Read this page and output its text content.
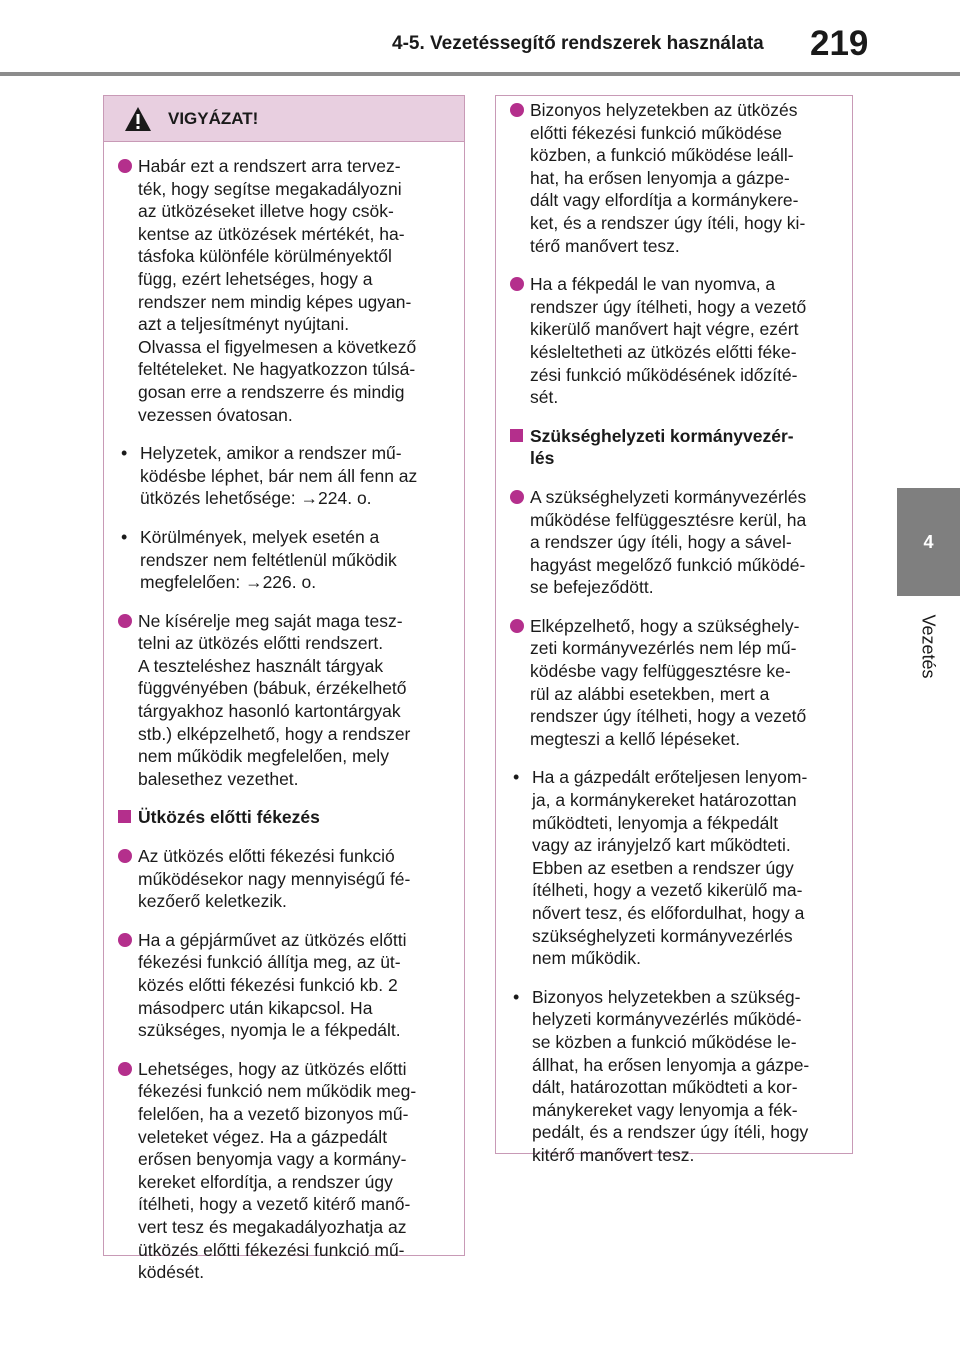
4-5. Vezetéssegítő rendszerek használata	219
4
Vezetés
VIGYÁZAT!
Habár ezt a rendszert arra tervez-
ték, hogy segítse megakadályozni
az ütközéseket illetve hogy csök-
kentse az ütközések mértékét, ha-
tásfoka különféle körülményektől
függ, ezért lehetséges, hogy a
rendszer nem mindig képes ugyan-
azt a teljesítményt nyújtani.
Olvassa el figyelmesen a következő
feltételeket. Ne hagyatkozzon túlsá-
gosan erre a rendszerre és mindig
vezessen óvatosan.
• Helyzetek, amikor a rendszer mű-
ködésbe léphet, bár nem áll fenn az
ütközés lehetősége: →224. o.
• Körülmények, melyek esetén a
rendszer nem feltétlenül működik
megfelelően: →226. o.
Ne kísérelje meg saját maga tesz-
telni az ütközés előtti rendszert.
A teszteléshez használt tárgyak
függvényében (bábuk, érzékelhető
tárgyakhoz hasonló kartontárgyak
stb.) elképzelhető, hogy a rendszer
nem működik megfelelően, mely
balesethez vezethet.
Ütközés előtti fékezés
Az ütközés előtti fékezési funkció
működésekor nagy mennyiségű fé-
kezőerő keletkezik.
Ha a gépjárművet az ütközés előtti
fékezési funkció állítja meg, az üt-
közés előtti fékezési funkció kb. 2
másodperc után kikapcsol. Ha
szükséges, nyomja le a fékpedált.
Lehetséges, hogy az ütközés előtti
fékezési funkció nem működik meg-
felelően, ha a vezető bizonyos mű-
veleteket végez. Ha a gázpedált
erősen benyomja vagy a kormány-
kereket elfordítja, a rendszer úgy
ítélheti, hogy a vezető kitérő manő-
vert tesz és megakadályozhatja az
ütközés előtti fékezési funkció mű-
ködését.
Bizonyos helyzetekben az ütközés
előtti fékezési funkció működése
közben, a funkció működése leáll-
hat, ha erősen lenyomja a gázpe-
dált vagy elfordítja a kormánykere-
ket, és a rendszer úgy ítéli, hogy ki-
térő manővert tesz.
Ha a fékpedál le van nyomva, a
rendszer úgy ítélheti, hogy a vezető
kikerülő manővert hajt végre, ezért
késleltetheti az ütközés előtti féke-
zési funkció működésének időzíté-
sét.
Szükséghelyzeti kormányvezér-
lés
A szükséghelyzeti kormányvezérlés
működése felfüggesztésre kerül, ha
a rendszer úgy ítéli, hogy a sável-
hagyást megelőző funkció működé-
se befejeződött.
Elképzelhető, hogy a szükséghely-
zeti kormányvezérlés nem lép mű-
ködésbe vagy felfüggesztésre ke-
rül az alábbi esetekben, mert a
rendszer úgy ítélheti, hogy a vezető
megteszi a kellő lépéseket.
• Ha a gázpedált erőteljesen lenyom-
ja, a kormánykereket határozottan
működteti, lenyomja a fékpedált
vagy az irányjelző kart működteti.
Ebben az esetben a rendszer úgy
ítélheti, hogy a vezető kikerülő ma-
nővert tesz, és előfordulhat, hogy a
szükséghelyzeti kormányvezérlés
nem működik.
• Bizonyos helyzetekben a szükség-
helyzeti kormányvezérlés működé-
se közben a funkció működése le-
állhat, ha erősen lenyomja a gázpe-
dált, határozottan működteti a kor-
mánykereket vagy lenyomja a fék-
pedált, és a rendszer úgy ítéli, hogy
kitérő manővert tesz.
